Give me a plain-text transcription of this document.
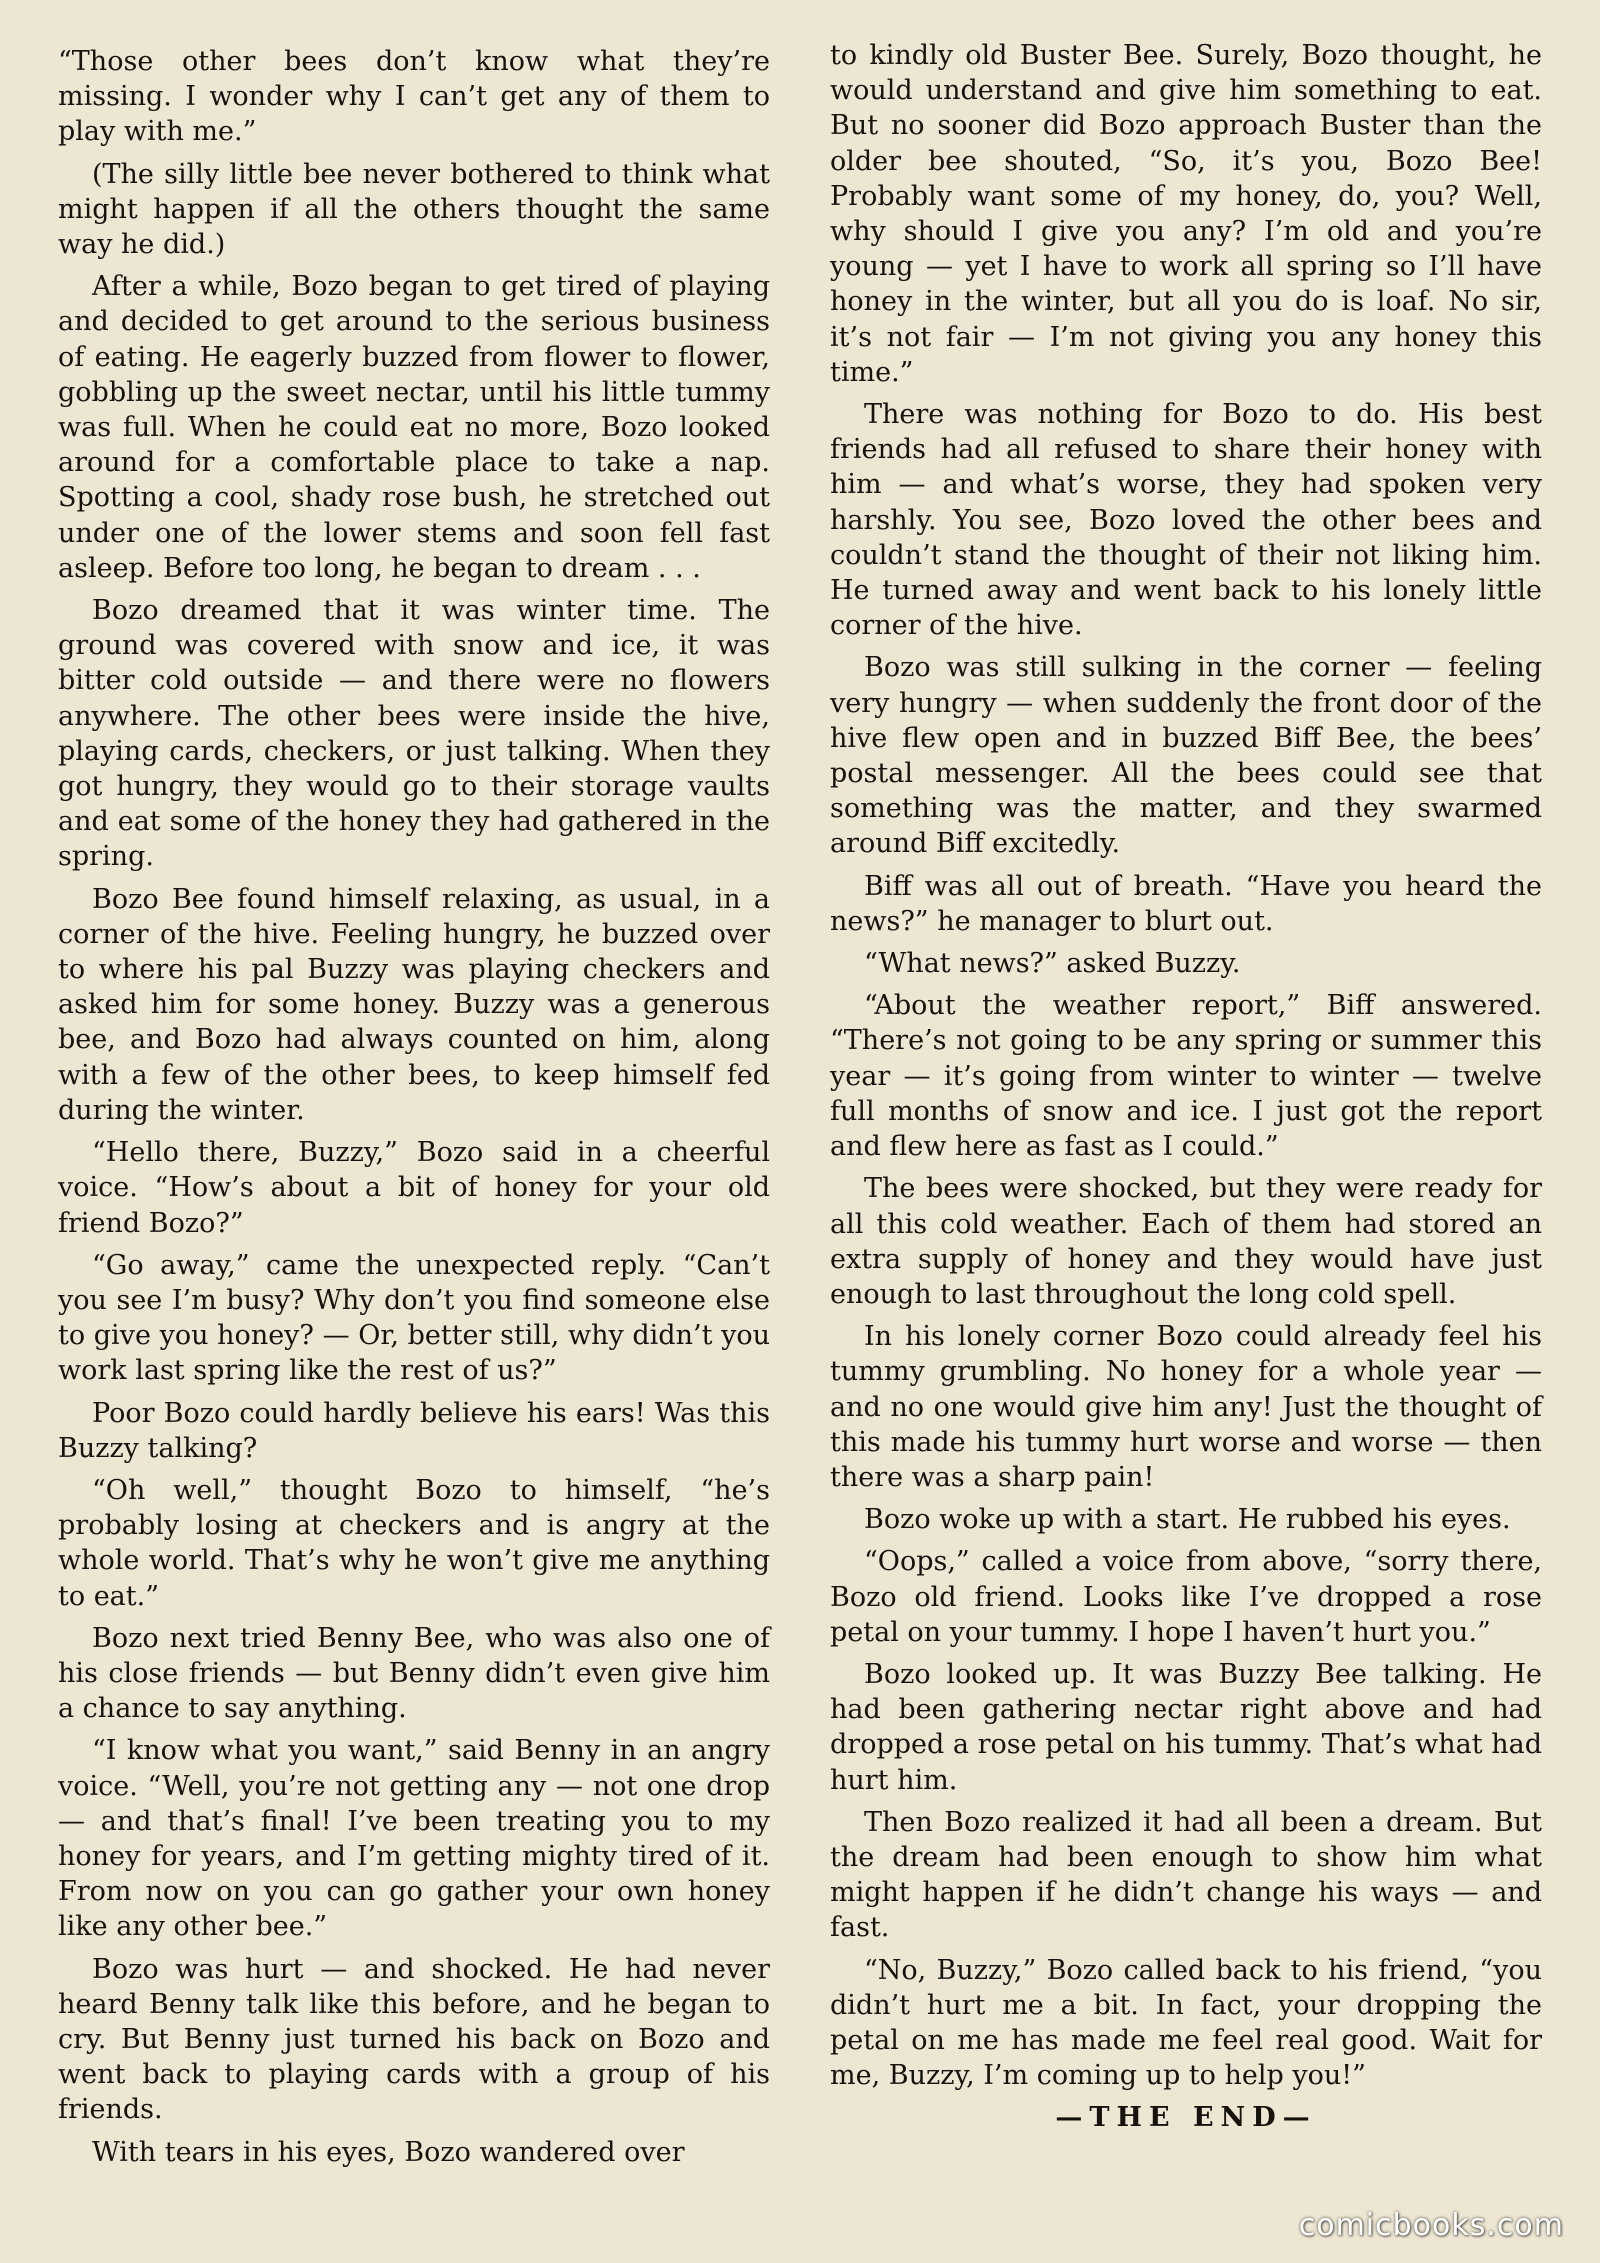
“Those other bees don’t know what they’re missing. I wonder why I can’t get any of them to play with me.”

(The silly little bee never bothered to think what might happen if all the others thought the same way he did.)

After a while, Bozo began to get tired of playing and decided to get around to the serious business of eating. He eagerly buzzed from flower to flower, gobbling up the sweet nectar, until his little tummy was full. When he could eat no more, Bozo looked around for a comfortable place to take a nap. Spotting a cool, shady rose bush, he stretched out under one of the lower stems and soon fell fast asleep. Before too long, he began to dream . . .

Bozo dreamed that it was winter time. The ground was covered with snow and ice, it was bitter cold outside — and there were no flowers anywhere. The other bees were inside the hive, playing cards, checkers, or just talking. When they got hungry, they would go to their storage vaults and eat some of the honey they had gathered in the spring.

Bozo Bee found himself relaxing, as usual, in a corner of the hive. Feeling hungry, he buzzed over to where his pal Buzzy was playing checkers and asked him for some honey. Buzzy was a generous bee, and Bozo had always counted on him, along with a few of the other bees, to keep himself fed during the winter.

“Hello there, Buzzy,” Bozo said in a cheerful voice. “How’s about a bit of honey for your old friend Bozo?”

“Go away,” came the unexpected reply. “Can’t you see I’m busy? Why don’t you find someone else to give you honey? — Or, better still, why didn’t you work last spring like the rest of us?”

Poor Bozo could hardly believe his ears! Was this Buzzy talking?

“Oh well,” thought Bozo to himself, “he’s probably losing at checkers and is angry at the whole world. That’s why he won’t give me anything to eat.”

Bozo next tried Benny Bee, who was also one of his close friends — but Benny didn’t even give him a chance to say anything.

“I know what you want,” said Benny in an angry voice. “Well, you’re not getting any — not one drop — and that’s final! I’ve been treating you to my honey for years, and I’m getting mighty tired of it. From now on you can go gather your own honey like any other bee.”

Bozo was hurt — and shocked. He had never heard Benny talk like this before, and he began to cry. But Benny just turned his back on Bozo and went back to playing cards with a group of his friends.

With tears in his eyes, Bozo wandered over

to kindly old Buster Bee. Surely, Bozo thought, he would understand and give him something to eat. But no sooner did Bozo approach Buster than the older bee shouted, “So, it’s you, Bozo Bee! Probably want some of my honey, do, you? Well, why should I give you any? I’m old and you’re young — yet I have to work all spring so I’ll have honey in the winter, but all you do is loaf. No sir, it’s not fair — I’m not giving you any honey this time.”

There was nothing for Bozo to do. His best friends had all refused to share their honey with him — and what’s worse, they had spoken very harshly. You see, Bozo loved the other bees and couldn’t stand the thought of their not liking him. He turned away and went back to his lonely little corner of the hive.

Bozo was still sulking in the corner — feeling very hungry — when suddenly the front door of the hive flew open and in buzzed Biff Bee, the bees’ postal messenger. All the bees could see that something was the matter, and they swarmed around Biff excitedly.

Biff was all out of breath. “Have you heard the news?” he manager to blurt out.

“What news?” asked Buzzy.

“About the weather report,” Biff answered. “There’s not going to be any spring or summer this year — it’s going from winter to winter — twelve full months of snow and ice. I just got the report and flew here as fast as I could.”

The bees were shocked, but they were ready for all this cold weather. Each of them had stored an extra supply of honey and they would have just enough to last throughout the long cold spell.

In his lonely corner Bozo could already feel his tummy grumbling. No honey for a whole year — and no one would give him any! Just the thought of this made his tummy hurt worse and worse — then there was a sharp pain!

Bozo woke up with a start. He rubbed his eyes.

“Oops,” called a voice from above, “sorry there, Bozo old friend. Looks like I’ve dropped a rose petal on your tummy. I hope I haven’t hurt you.”

Bozo looked up. It was Buzzy Bee talking. He had been gathering nectar right above and had dropped a rose petal on his tummy. That’s what had hurt him.

Then Bozo realized it had all been a dream. But the dream had been enough to show him what might happen if he didn’t change his ways — and fast.

“No, Buzzy,” Bozo called back to his friend, “you didn’t hurt me a bit. In fact, your dropping the petal on me has made me feel real good. Wait for me, Buzzy, I’m coming up to help you!”

—THE END—
comicbooks.com
